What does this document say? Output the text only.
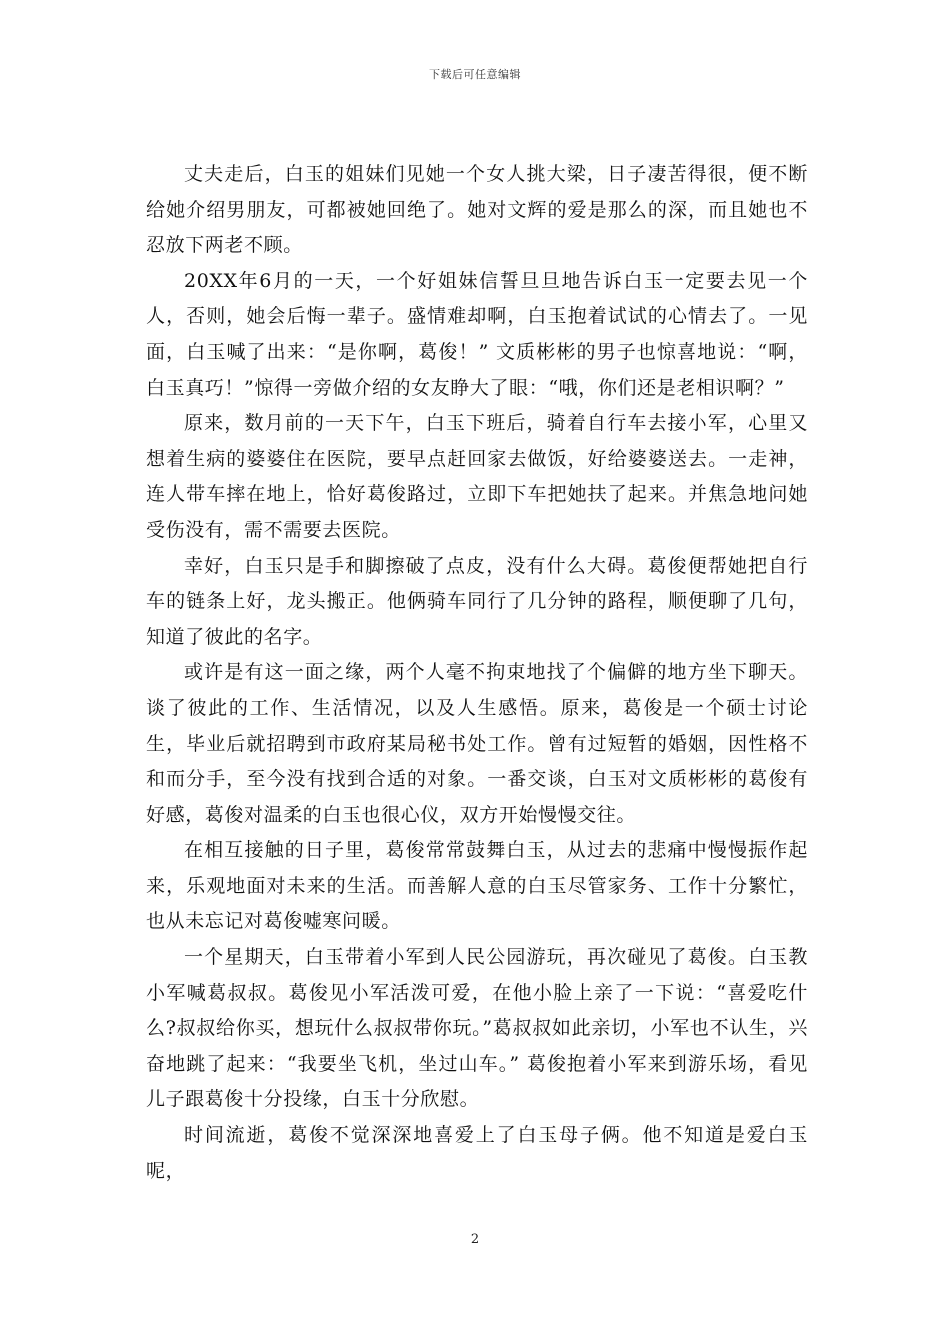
下载后可任意编辑

丈夫走后，白玉的姐妹们见她一个女人挑大梁，日子凄苦得很，便不断给她介绍男朋友，可都被她回绝了。她对文辉的爱是那么的深，而且她也不忍放下两老不顾。

20XX年6月的一天，一个好姐妹信誓旦旦地告诉白玉一定要去见一个人，否则，她会后悔一辈子。盛情难却啊，白玉抱着试试的心情去了。一见面，白玉喊了出来：“是你啊，葛俊！” 文质彬彬的男子也惊喜地说：“啊，白玉真巧！”惊得一旁做介绍的女友睁大了眼：“哦，你们还是老相识啊？”

原来，数月前的一天下午，白玉下班后，骑着自行车去接小军，心里又想着生病的婆婆住在医院，要早点赶回家去做饭，好给婆婆送去。一走神，连人带车摔在地上，恰好葛俊路过，立即下车把她扶了起来。并焦急地问她受伤没有，需不需要去医院。

幸好，白玉只是手和脚擦破了点皮，没有什么大碍。葛俊便帮她把自行车的链条上好，龙头搬正。他俩骑车同行了几分钟的路程，顺便聊了几句，知道了彼此的名字。

或许是有这一面之缘，两个人毫不拘束地找了个偏僻的地方坐下聊天。谈了彼此的工作、生活情况，以及人生感悟。原来，葛俊是一个硕士讨论生，毕业后就招聘到市政府某局秘书处工作。曾有过短暂的婚姻，因性格不和而分手，至今没有找到合适的对象。一番交谈，白玉对文质彬彬的葛俊有好感，葛俊对温柔的白玉也很心仪，双方开始慢慢交往。

在相互接触的日子里，葛俊常常鼓舞白玉，从过去的悲痛中慢慢振作起来，乐观地面对未来的生活。而善解人意的白玉尽管家务、工作十分繁忙，也从未忘记对葛俊嘘寒问暖。

一个星期天，白玉带着小军到人民公园游玩，再次碰见了葛俊。白玉教小军喊葛叔叔。葛俊见小军活泼可爱，在他小脸上亲了一下说：“喜爱吃什么?叔叔给你买，想玩什么叔叔带你玩。”葛叔叔如此亲切，小军也不认生，兴奋地跳了起来：“我要坐飞机，坐过山车。” 葛俊抱着小军来到游乐场，看见儿子跟葛俊十分投缘，白玉十分欣慰。

时间流逝，葛俊不觉深深地喜爱上了白玉母子俩。他不知道是爱白玉呢，

2
